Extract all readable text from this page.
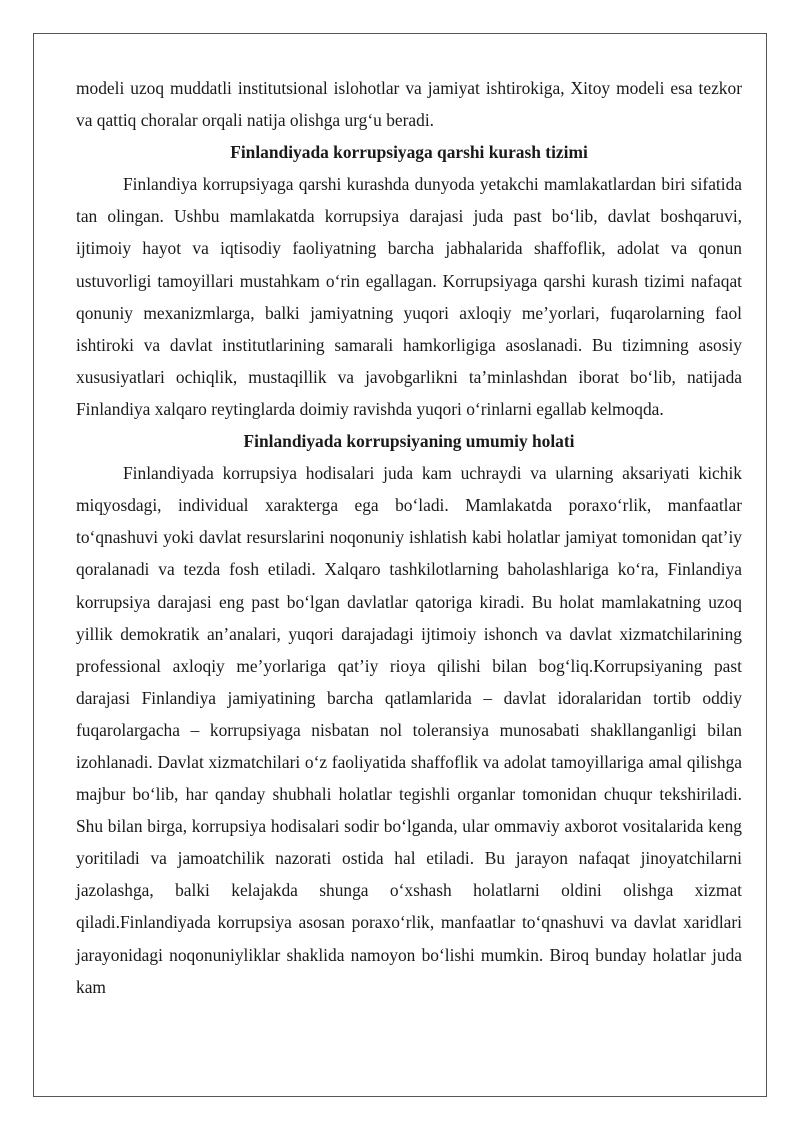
modeli uzoq muddatli institutsional islohotlar va jamiyat ishtirokiga, Xitoy modeli esa tezkor va qattiq choralar orqali natija olishga urg‘u beradi.

Finlandiyada korrupsiyaga qarshi kurash tizimi

Finlandiya korrupsiyaga qarshi kurashda dunyoda yetakchi mamlakatlardan biri sifatida tan olingan. Ushbu mamlakatda korrupsiya darajasi juda past bo‘lib, davlat boshqaruvi, ijtimoiy hayot va iqtisodiy faoliyatning barcha jabhalarida shaffoflik, adolat va qonun ustuvorligi tamoyillari mustahkam o‘rin egallagan. Korrupsiyaga qarshi kurash tizimi nafaqat qonuniy mexanizmlarga, balki jamiyatning yuqori axloqiy me’yorlari, fuqarolarning faol ishtiroki va davlat institutlarining samarali hamkorligiga asoslanadi. Bu tizimning asosiy xususiyatlari ochiqlik, mustaqillik va javobgarlikni ta’minlashdan iborat bo‘lib, natijada Finlandiya xalqaro reytinglarda doimiy ravishda yuqori o‘rinlarni egallab kelmoqda.

Finlandiyada korrupsiyaning umumiy holati

Finlandiyada korrupsiya hodisalari juda kam uchraydi va ularning aksariyati kichik miqyosdagi, individual xarakterga ega bo‘ladi. Mamlakatda poraxo‘rlik, manfaatlar to‘qnashuvi yoki davlat resurslarini noqonuniy ishlatish kabi holatlar jamiyat tomonidan qat’iy qoralanadi va tezda fosh etiladi. Xalqaro tashkilotlarning baholashlariga ko‘ra, Finlandiya korrupsiya darajasi eng past bo‘lgan davlatlar qatoriga kiradi. Bu holat mamlakatning uzoq yillik demokratik an’analari, yuqori darajadagi ijtimoiy ishonch va davlat xizmatchilarining professional axloqiy me’yorlariga qat’iy rioya qilishi bilan bog‘liq.Korrupsiyaning past darajasi Finlandiya jamiyatining barcha qatlamlarida – davlat idoralaridan tortib oddiy fuqarolargacha – korrupsiyaga nisbatan nol toleransiya munosabati shakllanganligi bilan izohlanadi. Davlat xizmatchilari o‘z faoliyatida shaffoflik va adolat tamoyillariga amal qilishga majbur bo‘lib, har qanday shubhali holatlar tegishli organlar tomonidan chuqur tekshiriladi. Shu bilan birga, korrupsiya hodisalari sodir bo‘lganda, ular ommaviy axborot vositalarida keng yoritiladi va jamoatchilik nazorati ostida hal etiladi. Bu jarayon nafaqat jinoyatchilarni jazolashga, balki kelajakda shunga o‘xshash holatlarni oldini olishga xizmat qiladi.Finlandiyada korrupsiya asosan poraxo‘rlik, manfaatlar to‘qnashuvi va davlat xaridlari jarayonidagi noqonuniyliklar shaklida namoyon bo‘lishi mumkin. Biroq bunday holatlar juda kam
